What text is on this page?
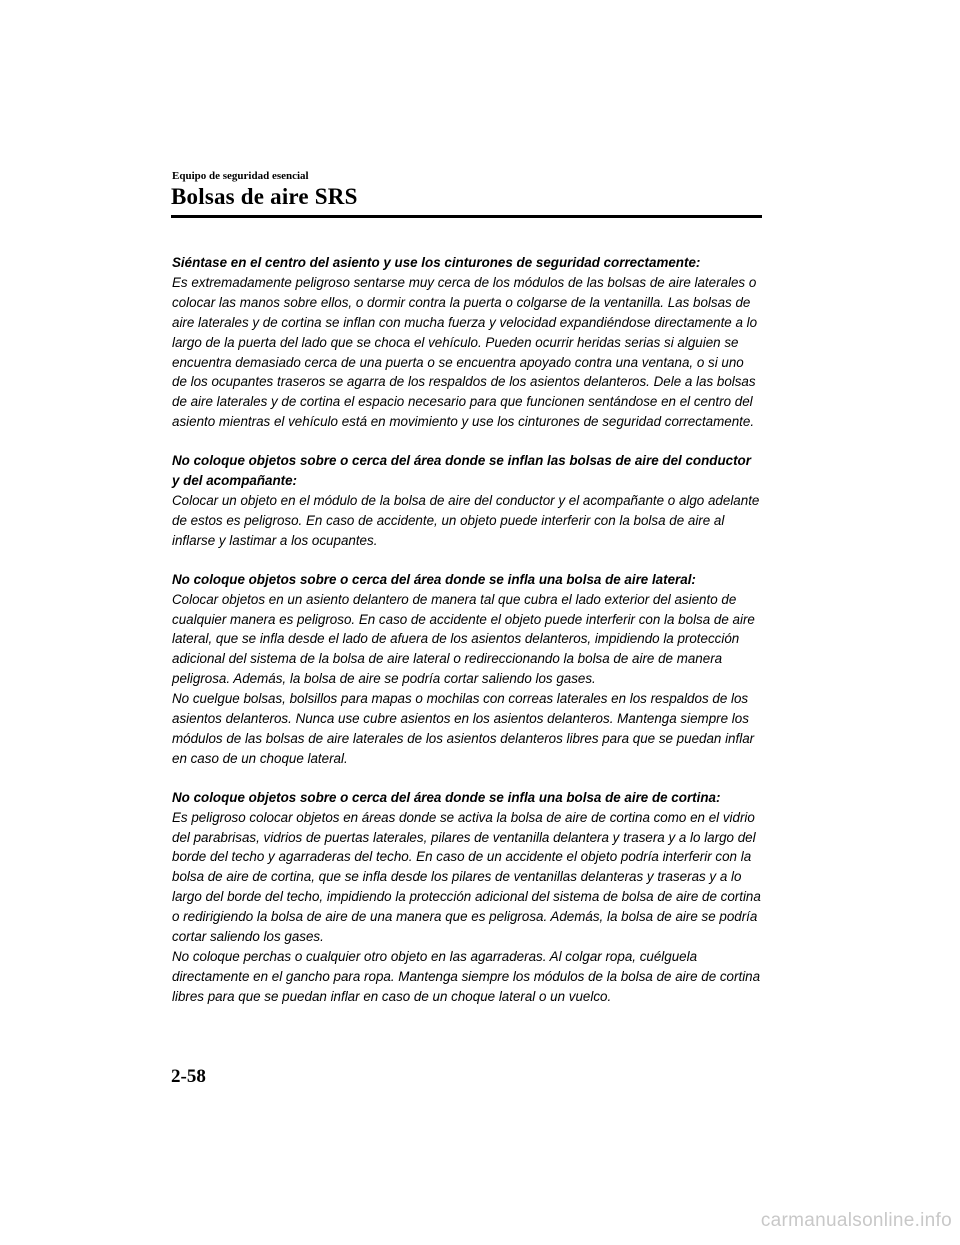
Equipo de seguridad esencial
Bolsas de aire SRS
Siéntase en el centro del asiento y use los cinturones de seguridad correctamente:

Es extremadamente peligroso sentarse muy cerca de los módulos de las bolsas de aire laterales o colocar las manos sobre ellos, o dormir contra la puerta o colgarse de la ventanilla. Las bolsas de aire laterales y de cortina se inflan con mucha fuerza y velocidad expandiéndose directamente a lo largo de la puerta del lado que se choca el vehículo. Pueden ocurrir heridas serias si alguien se encuentra demasiado cerca de una puerta o se encuentra apoyado contra una ventana, o si uno de los ocupantes traseros se agarra de los respaldos de los asientos delanteros. Dele a las bolsas de aire laterales y de cortina el espacio necesario para que funcionen sentándose en el centro del asiento mientras el vehículo está en movimiento y use los cinturones de seguridad correctamente.

No coloque objetos sobre o cerca del área donde se inflan las bolsas de aire del conductor y del acompañante:

Colocar un objeto en el módulo de la bolsa de aire del conductor y el acompañante o algo adelante de estos es peligroso. En caso de accidente, un objeto puede interferir con la bolsa de aire al inflarse y lastimar a los ocupantes.

No coloque objetos sobre o cerca del área donde se infla una bolsa de aire lateral:

Colocar objetos en un asiento delantero de manera tal que cubra el lado exterior del asiento de cualquier manera es peligroso. En caso de accidente el objeto puede interferir con la bolsa de aire lateral, que se infla desde el lado de afuera de los asientos delanteros, impidiendo la protección adicional del sistema de la bolsa de aire lateral o redireccionando la bolsa de aire de manera peligrosa. Además, la bolsa de aire se podría cortar saliendo los gases.

No cuelgue bolsas, bolsillos para mapas o mochilas con correas laterales en los respaldos de los asientos delanteros. Nunca use cubre asientos en los asientos delanteros. Mantenga siempre los módulos de las bolsas de aire laterales de los asientos delanteros libres para que se puedan inflar en caso de un choque lateral.

No coloque objetos sobre o cerca del área donde se infla una bolsa de aire de cortina:

Es peligroso colocar objetos en áreas donde se activa la bolsa de aire de cortina como en el vidrio del parabrisas, vidrios de puertas laterales, pilares de ventanilla delantera y trasera y a lo largo del borde del techo y agarraderas del techo. En caso de un accidente el objeto podría interferir con la bolsa de aire de cortina, que se infla desde los pilares de ventanillas delanteras y traseras y a lo largo del borde del techo, impidiendo la protección adicional del sistema de bolsa de aire de cortina o redirigiendo la bolsa de aire de una manera que es peligrosa. Además, la bolsa de aire se podría cortar saliendo los gases.

No coloque perchas o cualquier otro objeto en las agarraderas. Al colgar ropa, cuélguela directamente en el gancho para ropa. Mantenga siempre los módulos de la bolsa de aire de cortina libres para que se puedan inflar en caso de un choque lateral o un vuelco.

2-58
carmanualsonline.info
